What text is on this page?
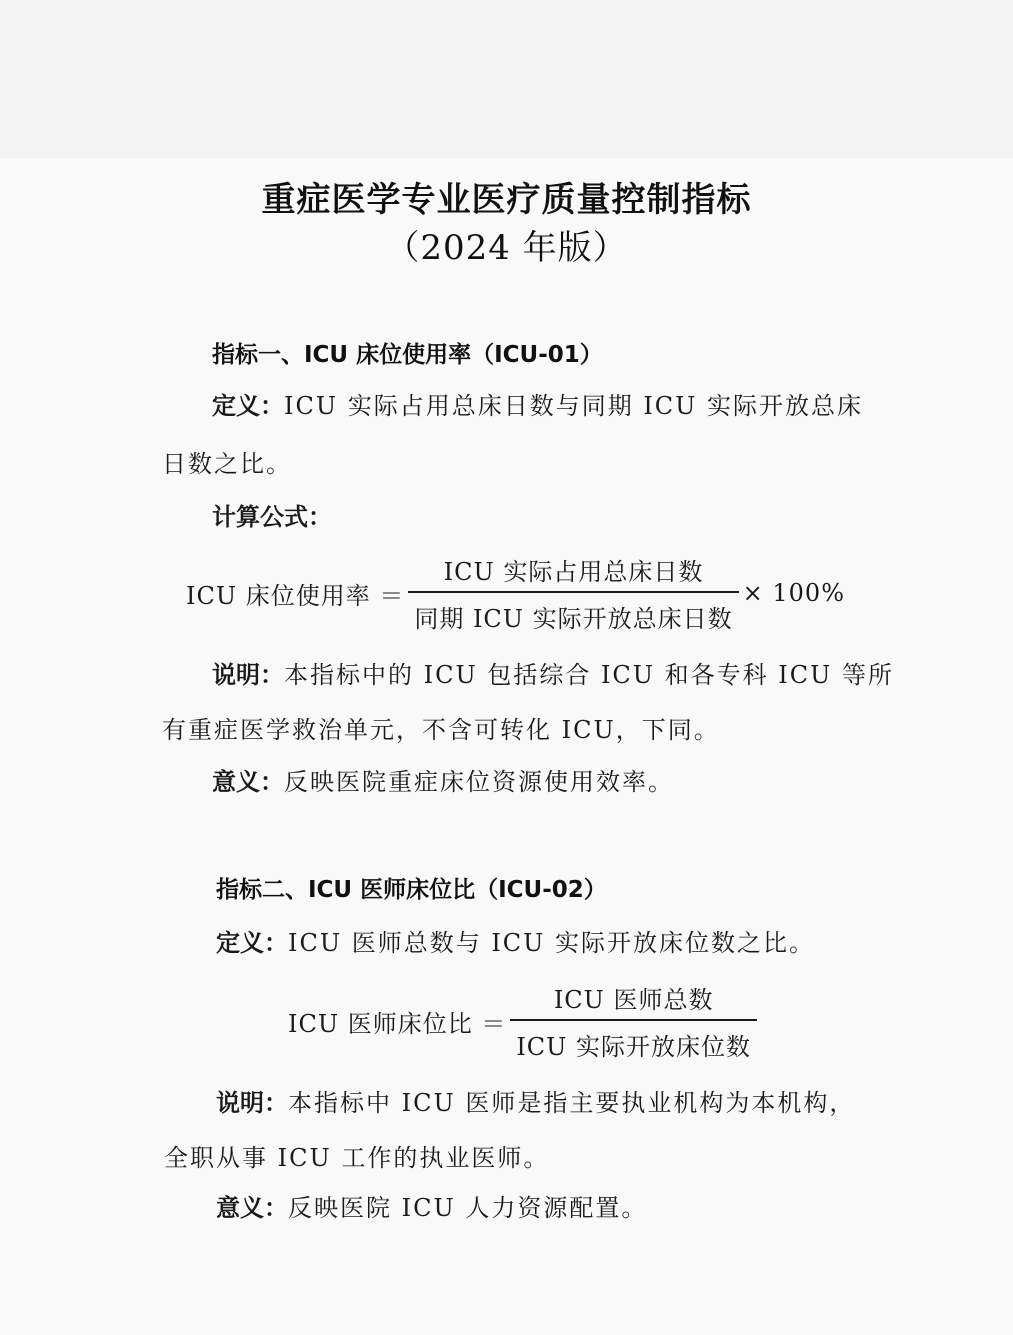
重症医学专业医疗质量控制指标
（2024 年版）
指标一、ICU 床位使用率（ICU-01）
定义：ICU 实际占用总床日数与同期 ICU 实际开放总床
日数之比。
计算公式：
ICU 床位使用率 ＝ $\frac{\text{ICU 实际占用总床日数}}{\text{同期 ICU 实际开放总床日数}} \times 100\%$
说明：本指标中的 ICU 包括综合 ICU 和各专科 ICU 等所
有重症医学救治单元，不含可转化 ICU，下同。
意义：反映医院重症床位资源使用效率。
指标二、ICU 医师床位比（ICU-02）
定义：ICU 医师总数与 ICU 实际开放床位数之比。
ICU 医师床位比 ＝ $\frac{\text{ICU 医师总数}}{\text{ICU 实际开放床位数}}$
说明：本指标中 ICU 医师是指主要执业机构为本机构，
全职从事 ICU 工作的执业医师。
意义：反映医院 ICU 人力资源配置。
